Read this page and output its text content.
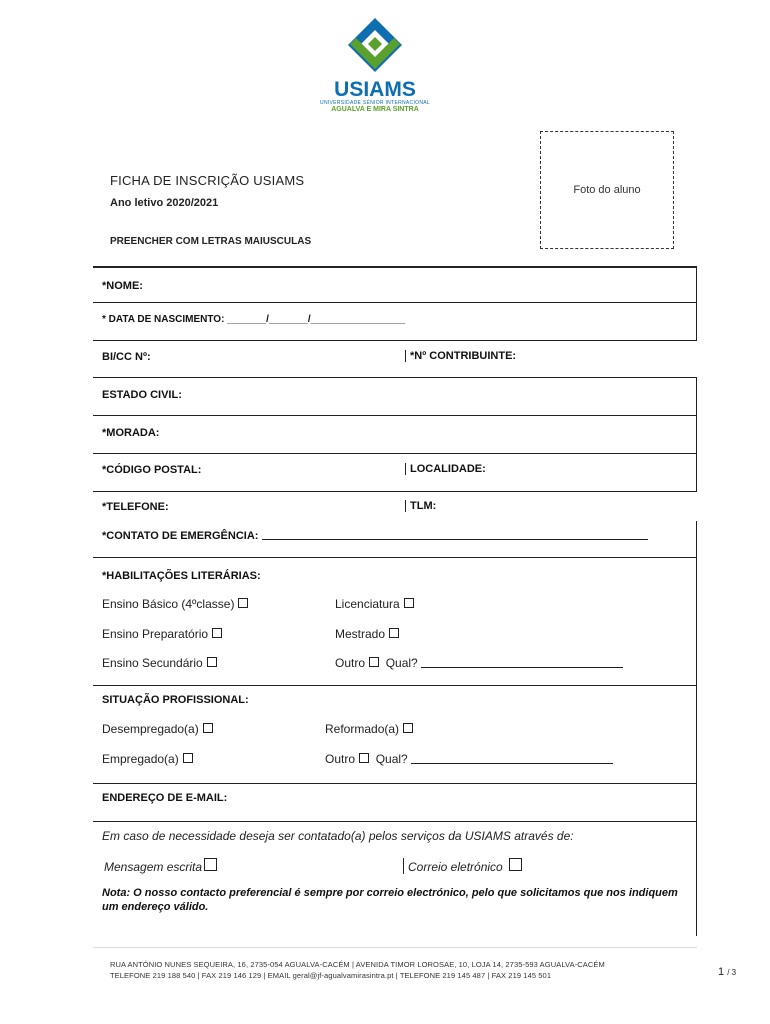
USIAMS
UNIVERSIDADE SÉNIOR INTERNACIONAL
AGUALVA E MIRA SINTRA
FICHA DE INSCRIÇÃO USIAMS
Ano letivo 2020/2021
PREENCHER COM LETRAS MAIUSCULAS
Foto do aluno
*NOME:
* DATA DE NASCIMENTO: _______/_______/_________________
BI/CC Nº:	*Nº CONTRIBUINTE:
ESTADO CIVIL:
*MORADA:
*CÓDIGO POSTAL:	LOCALIDADE:
*TELEFONE:	TLM:
*CONTATO DE EMERGÊNCIA:
*HABILITAÇÕES LITERÁRIAS:
Ensino Básico (4ºclasse)	Licenciatura
Ensino Preparatório	Mestrado
Ensino Secundário	Outro Qual?
SITUAÇÃO PROFISSIONAL:
Desempregado(a)	Reformado(a)
Empregado(a)	Outro Qual?
ENDEREÇO DE E-MAIL:
Em caso de necessidade deseja ser contatado(a) pelos serviços da USIAMS através de:
Mensagem escrita	Correio eletrónico
Nota: O nosso contacto preferencial é sempre por correio electrónico, pelo que solicitamos que nos indiquem um endereço válido.
RUA ANTÓNIO NUNES SEQUEIRA, 16, 2735-054 AGUALVA-CACÉM | AVENIDA TIMOR LOROSAE, 10, LOJA 14, 2735-593 AGUALVA-CACÉM
TELEFONE 219 188 540 | FAX 219 146 129 | EMAIL geral@jf-agualvamirasintra.pt | TELEFONE 219 145 487 | FAX 219 145 501	1 / 3
